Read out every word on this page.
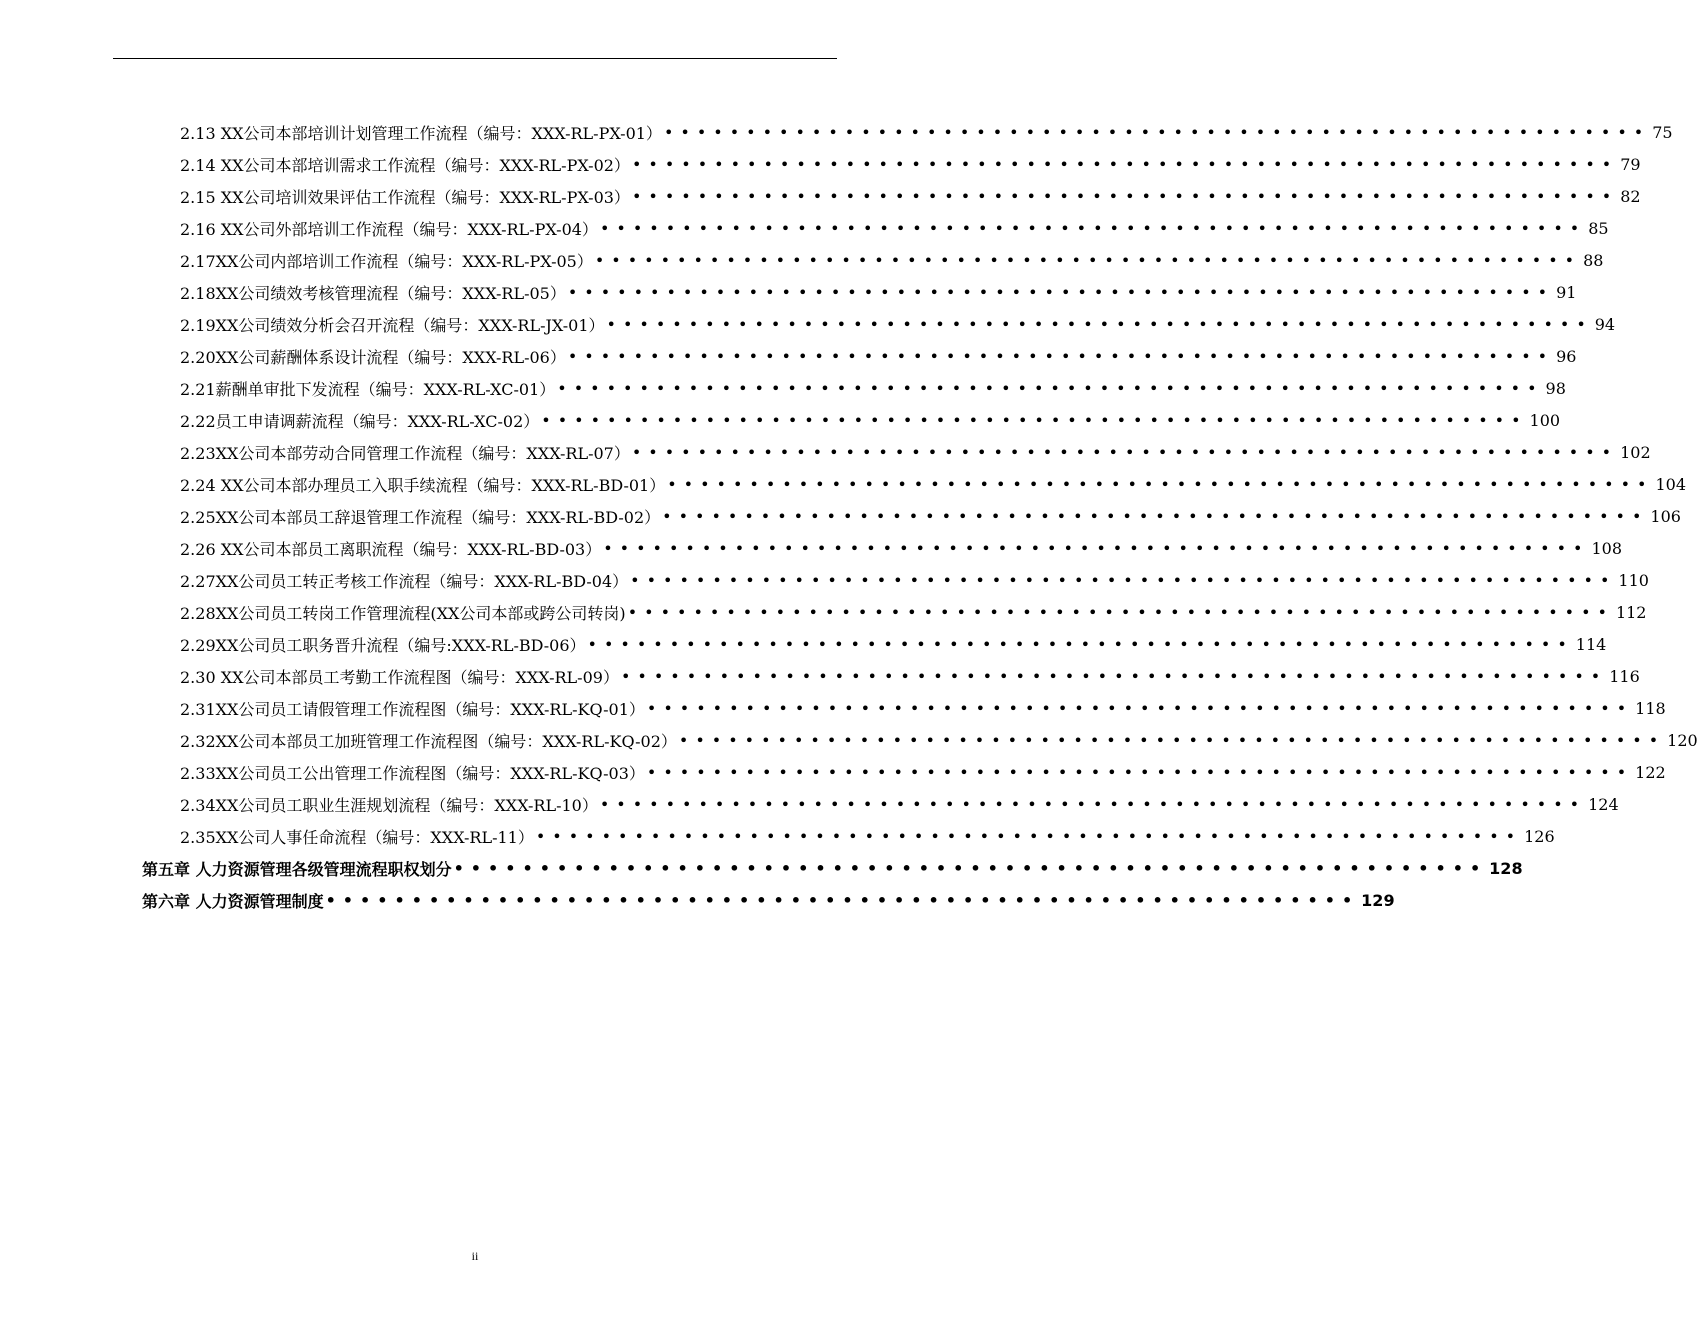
2.13 XX公司本部培训计划管理工作流程（编号：XXX-RL-PX-01） •••••••••••••••••••••••••••••••••••••••••••••••••••••••••••• 75
2.14 XX公司本部培训需求工作流程（编号：XXX-RL-PX-02） •••••••••••••••••••••••••••••••••••••••••••••••••••••••••••• 79
2.15 XX公司培训效果评估工作流程（编号：XXX-RL-PX-03） •••••••••••••••••••••••••••••••••••••••••••••••••••••••••••• 82
2.16 XX公司外部培训工作流程（编号：XXX-RL-PX-04） •••••••••••••••••••••••••••••••••••••••••••••••••••••••••••• 85
2.17XX公司内部培训工作流程（编号：XXX-RL-PX-05） •••••••••••••••••••••••••••••••••••••••••••••••••••••••••••• 88
2.18XX公司绩效考核管理流程（编号：XXX-RL-05） •••••••••••••••••••••••••••••••••••••••••••••••••••••••••••• 91
2.19XX公司绩效分析会召开流程（编号：XXX-RL-JX-01） •••••••••••••••••••••••••••••••••••••••••••••••••••••••••••• 94
2.20XX公司薪酬体系设计流程（编号：XXX-RL-06） •••••••••••••••••••••••••••••••••••••••••••••••••••••••••••• 96
2.21薪酬单审批下发流程（编号：XXX-RL-XC-01） •••••••••••••••••••••••••••••••••••••••••••••••••••••••••••• 98
2.22员工申请调薪流程（编号：XXX-RL-XC-02） •••••••••••••••••••••••••••••••••••••••••••••••••••••••••••• 100
2.23XX公司本部劳动合同管理工作流程（编号：XXX-RL-07） •••••••••••••••••••••••••••••••••••••••••••••••••••••••••••• 102
2.24 XX公司本部办理员工入职手续流程（编号：XXX-RL-BD-01） •••••••••••••••••••••••••••••••••••••••••••••••••••••••••••• 104
2.25XX公司本部员工辞退管理工作流程（编号：XXX-RL-BD-02） •••••••••••••••••••••••••••••••••••••••••••••••••••••••••••• 106
2.26 XX公司本部员工离职流程（编号：XXX-RL-BD-03） •••••••••••••••••••••••••••••••••••••••••••••••••••••••••••• 108
2.27XX公司员工转正考核工作流程（编号：XXX-RL-BD-04） •••••••••••••••••••••••••••••••••••••••••••••••••••••••••••• 110
2.28XX公司员工转岗工作管理流程(XX公司本部或跨公司转岗) •••••••••••••••••••••••••••••••••••••••••••••••••••••••••••• 112
2.29XX公司员工职务晋升流程（编号:XXX-RL-BD-06） •••••••••••••••••••••••••••••••••••••••••••••••••••••••••••• 114
2.30 XX公司本部员工考勤工作流程图（编号：XXX-RL-09） •••••••••••••••••••••••••••••••••••••••••••••••••••••••••••• 116
2.31XX公司员工请假管理工作流程图（编号：XXX-RL-KQ-01） •••••••••••••••••••••••••••••••••••••••••••••••••••••••••••• 118
2.32XX公司本部员工加班管理工作流程图（编号：XXX-RL-KQ-02） •••••••••••••••••••••••••••••••••••••••••••••••••••••••••••• 120
2.33XX公司员工公出管理工作流程图（编号：XXX-RL-KQ-03） •••••••••••••••••••••••••••••••••••••••••••••••••••••••••••• 122
2.34XX公司员工职业生涯规划流程（编号：XXX-RL-10） •••••••••••••••••••••••••••••••••••••••••••••••••••••••••••• 124
2.35XX公司人事任命流程（编号：XXX-RL-11） •••••••••••••••••••••••••••••••••••••••••••••••••••••••••••• 126
第五章 人力资源管理各级管理流程职权划分 •••••••••••••••••••••••••••••••••••••••••••••••••••••••••••• 128
第六章 人力资源管理制度 •••••••••••••••••••••••••••••••••••••••••••••••••••••••••••• 129
ii
